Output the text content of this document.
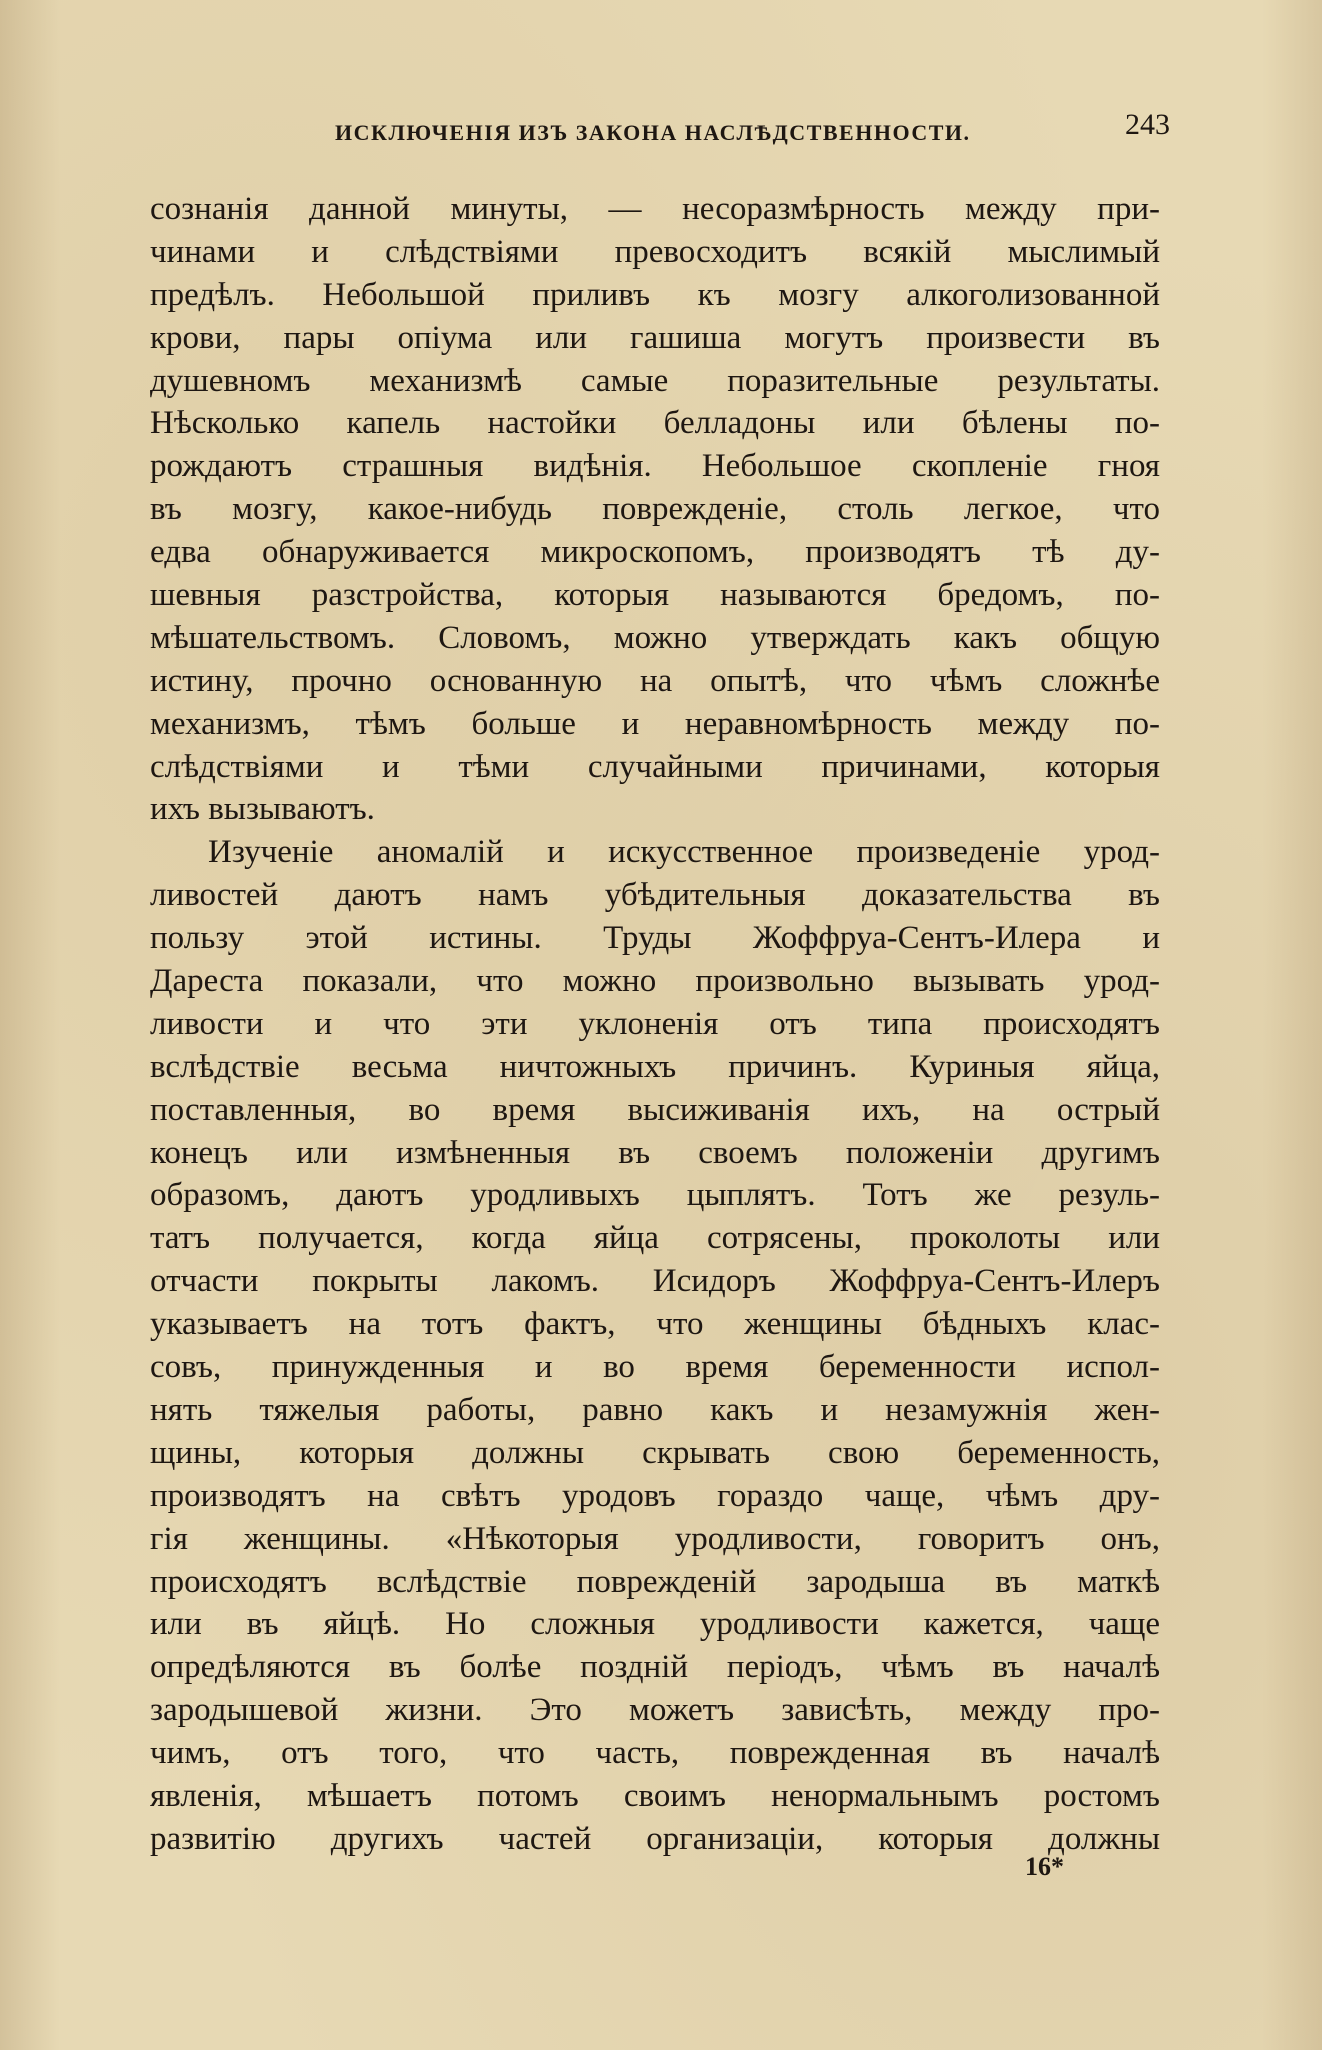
ИСКЛЮЧЕНІЯ ИЗЪ ЗАКОНА НАСЛѢДСТВЕННОСТИ.	243
сознанія данной минуты, — несоразмѣрность между при-
чинами и слѣдствіями превосходитъ всякій мыслимый
предѣлъ. Небольшой приливъ къ мозгу алкоголизованной
крови, пары опіума или гашиша могутъ произвести въ
душевномъ механизмѣ самые поразительные результаты.
Нѣсколько капель настойки белладоны или бѣлены по-
рождаютъ страшныя видѣнія. Небольшое скопленіе гноя
въ мозгу, какое-нибудь поврежденіе, столь легкое, что
едва обнаруживается микроскопомъ, производятъ тѣ ду-
шевныя разстройства, которыя называются бредомъ, по-
мѣшательствомъ. Словомъ, можно утверждать какъ общую
истину, прочно основанную на опытѣ, что чѣмъ сложнѣе
механизмъ, тѣмъ больше и неравномѣрность между по-
слѣдствіями и тѣми случайными причинами, которыя
ихъ вызываютъ.
Изученіе аномалій и искусственное произведеніе урод-
ливостей даютъ намъ убѣдительныя доказательства въ
пользу этой истины. Труды Жоффруа-Сентъ-Илера и
Дареста показали, что можно произвольно вызывать урод-
ливости и что эти уклоненія отъ типа происходятъ
вслѣдствіе весьма ничтожныхъ причинъ. Куриныя яйца,
поставленныя, во время высиживанія ихъ, на острый
конецъ или измѣненныя въ своемъ положеніи другимъ
образомъ, даютъ уродливыхъ цыплятъ. Тотъ же резуль-
татъ получается, когда яйца сотрясены, проколоты или
отчасти покрыты лакомъ. Исидоръ Жоффруа-Сентъ-Илеръ
указываетъ на тотъ фактъ, что женщины бѣдныхъ клас-
совъ, принужденныя и во время беременности испол-
нять тяжелыя работы, равно какъ и незамужнія жен-
щины, которыя должны скрывать свою беременность,
производятъ на свѣтъ уродовъ гораздо чаще, чѣмъ дру-
гія женщины. «Нѣкоторыя уродливости, говоритъ онъ,
происходятъ вслѣдствіе поврежденій зародыша въ маткѣ
или въ яйцѣ. Но сложныя уродливости кажется, чаще
опредѣляются въ болѣе поздній періодъ, чѣмъ въ началѣ
зародышевой жизни. Это можетъ зависѣть, между про-
чимъ, отъ того, что часть, поврежденная въ началѣ
явленія, мѣшаетъ потомъ своимъ ненормальнымъ ростомъ
развитію другихъ частей организаціи, которыя должны
16*
